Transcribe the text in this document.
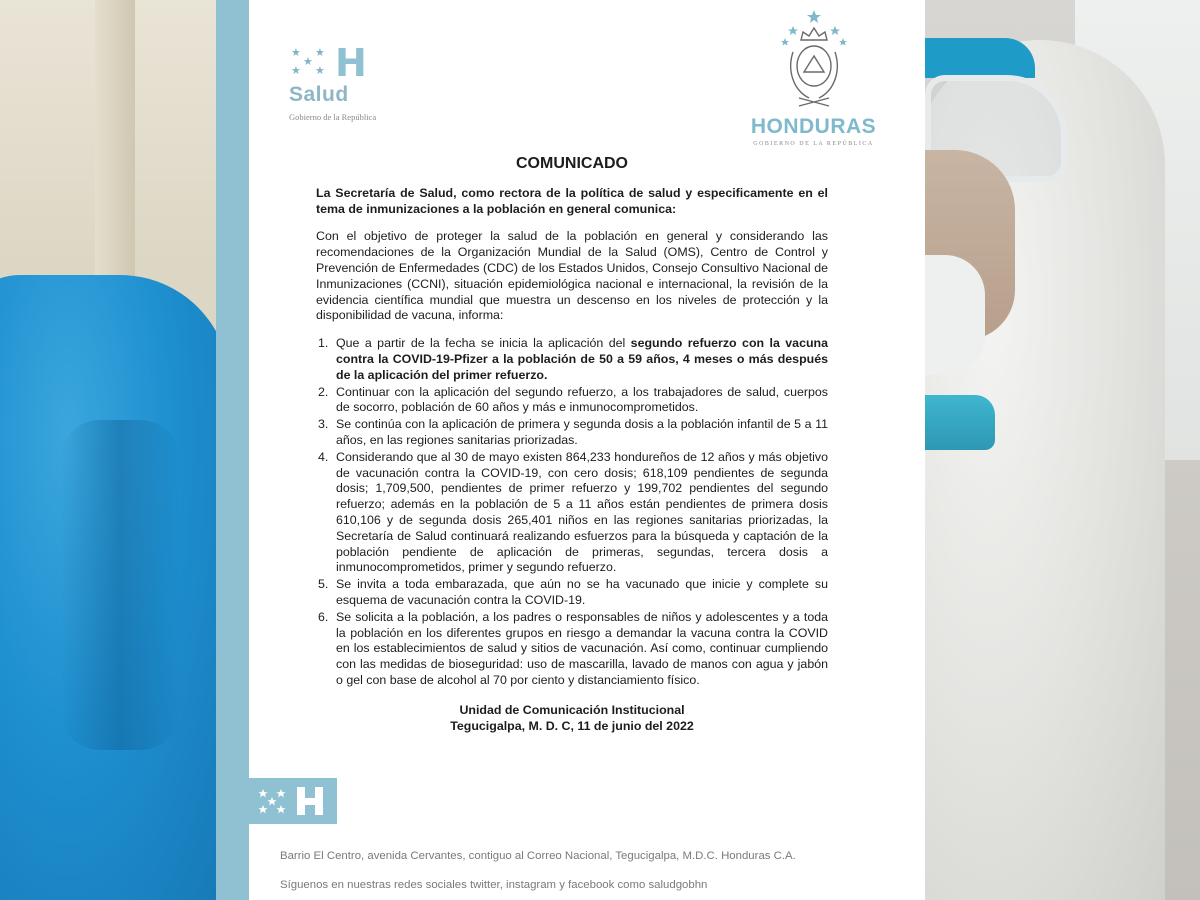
★ ★
★
★ ★ H
Salud
Gobierno de la República	HONDURAS
GOBIERNO DE LA REPÚBLICA
COMUNICADO

La Secretaría de Salud, como rectora de la política de salud y especificamente en el tema de inmunizaciones a la población en general comunica:

Con el objetivo de proteger la salud de la población en general y considerando las recomendaciones de la Organización Mundial de la Salud (OMS), Centro de Control y Prevención de Enfermedades (CDC) de los Estados Unidos, Consejo Consultivo Nacional de Inmunizaciones (CCNI), situación epidemiológica nacional e internacional, la revisión de la evidencia científica mundial que muestra un descenso en los niveles de protección y la disponibilidad de vacuna, informa:

1. Que a partir de la fecha se inicia la aplicación del segundo refuerzo con la vacuna contra la COVID-19-Pfizer a la población de 50 a 59 años, 4 meses o más después de la aplicación del primer refuerzo.
2. Continuar con la aplicación del segundo refuerzo, a los trabajadores de salud, cuerpos de socorro, población de 60 años y más e inmunocomprometidos.
3. Se continúa con la aplicación de primera y segunda dosis a la población infantil de 5 a 11 años, en las regiones sanitarias priorizadas.
4. Considerando que al 30 de mayo existen 864,233 hondureños de 12 años y más objetivo de vacunación contra la COVID-19, con cero dosis; 618,109 pendientes de segunda dosis; 1,709,500, pendientes de primer refuerzo y 199,702 pendientes del segundo refuerzo; además en la población de 5 a 11 años están pendientes de primera dosis 610,106 y de segunda dosis 265,401 niños en las regiones sanitarias priorizadas, la Secretaría de Salud continuará realizando esfuerzos para la búsqueda y captación de la población pendiente de aplicación de primeras, segundas, tercera dosis a inmunocomprometidos, primer y segundo refuerzo.
5. Se invita a toda embarazada, que aún no se ha vacunado que inicie y complete su esquema de vacunación contra la COVID-19.
6. Se solicita a la población, a los padres o responsables de niños y adolescentes y a toda la población en los diferentes grupos en riesgo a demandar la vacuna contra la COVID en los establecimientos de salud y sitios de vacunación. Así como, continuar cumpliendo con las medidas de bioseguridad: uso de mascarilla, lavado de manos con agua y jabón o gel con base de alcohol al 70 por ciento y distanciamiento físico.
Unidad de Comunicación Institucional
Tegucigalpa, M. D. C, 11 de junio del 2022
Barrio El Centro, avenida Cervantes, contiguo al Correo Nacional, Tegucigalpa, M.D.C. Honduras C.A.
Síguenos en nuestras redes sociales twitter, instagram y facebook como saludgobhn
